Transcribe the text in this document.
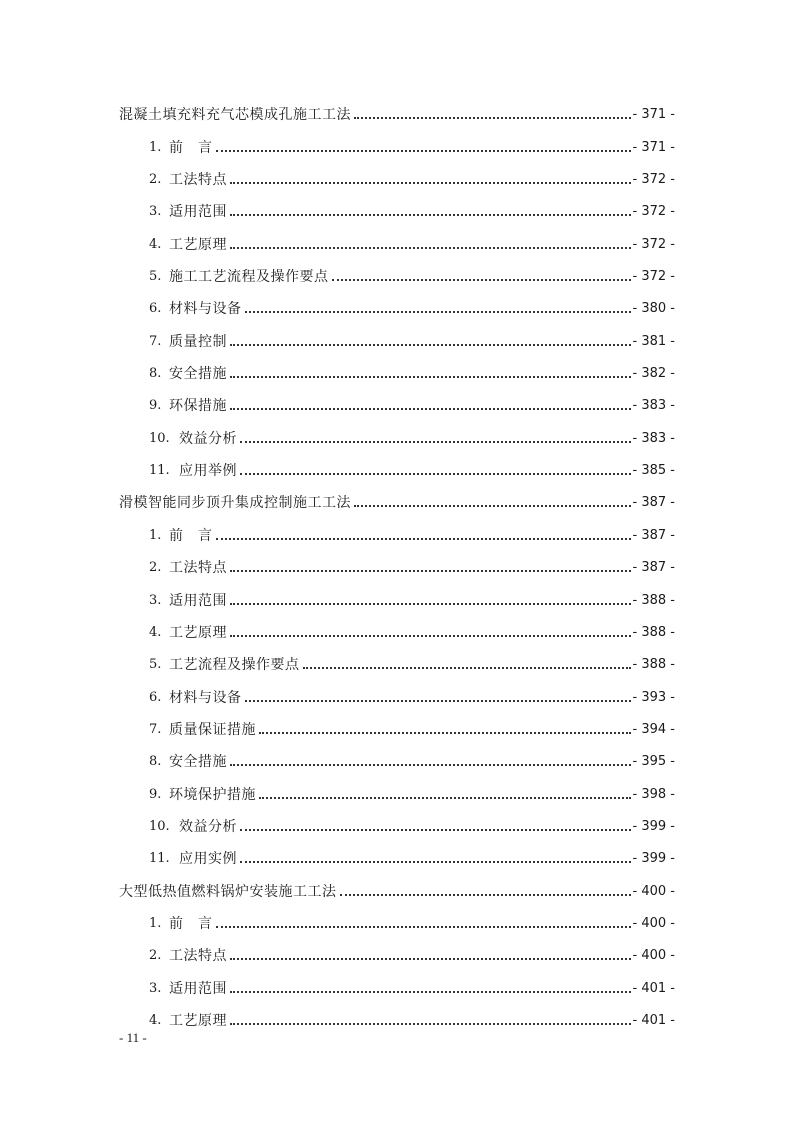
混凝土填充料充气芯模成孔施工工法	- 371 -
1. 前　言	- 371 -
2. 工法特点	- 372 -
3. 适用范围	- 372 -
4. 工艺原理	- 372 -
5. 施工工艺流程及操作要点	- 372 -
6. 材料与设备	- 380 -
7. 质量控制	- 381 -
8. 安全措施	- 382 -
9. 环保措施	- 383 -
10. 效益分析	- 383 -
11. 应用举例	- 385 -
滑模智能同步顶升集成控制施工工法	- 387 -
1. 前　言	- 387 -
2. 工法特点	- 387 -
3. 适用范围	- 388 -
4. 工艺原理	- 388 -
5. 工艺流程及操作要点	- 388 -
6. 材料与设备	- 393 -
7. 质量保证措施	- 394 -
8. 安全措施	- 395 -
9. 环境保护措施	- 398 -
10. 效益分析	- 399 -
11. 应用实例	- 399 -
大型低热值燃料锅炉安装施工工法	- 400 -
1. 前　言	- 400 -
2. 工法特点	- 400 -
3. 适用范围	- 401 -
4. 工艺原理	- 401 -
- 11 -
